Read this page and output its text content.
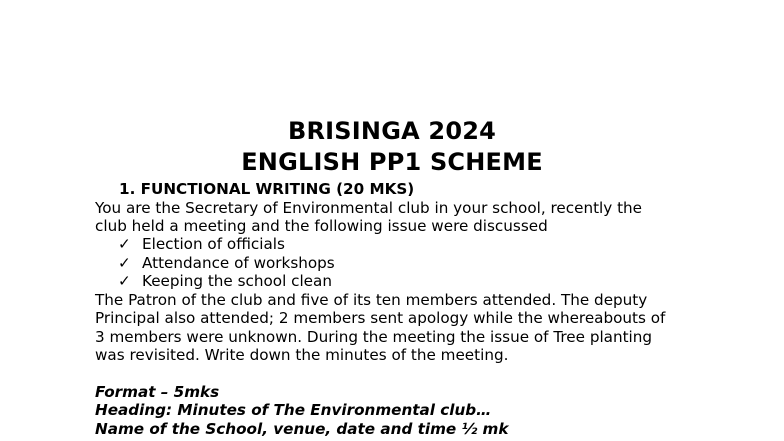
BRISINGA 2024
ENGLISH PP1 SCHEME
1. FUNCTIONAL WRITING (20 MKS)
You are the Secretary of Environmental club in your school, recently the
club held a meeting and the following issue were discussed
✓ Election of officials
✓ Attendance of workshops
✓ Keeping the school clean
The Patron of the club and five of its ten members attended. The deputy
Principal also attended; 2 members sent apology while the whereabouts of
3 members were unknown. During the meeting the issue of Tree planting
was revisited. Write down the minutes of the meeting.
Format – 5mks
Heading: Minutes of The Environmental club…
Name of the School, venue, date and time ½ mk
